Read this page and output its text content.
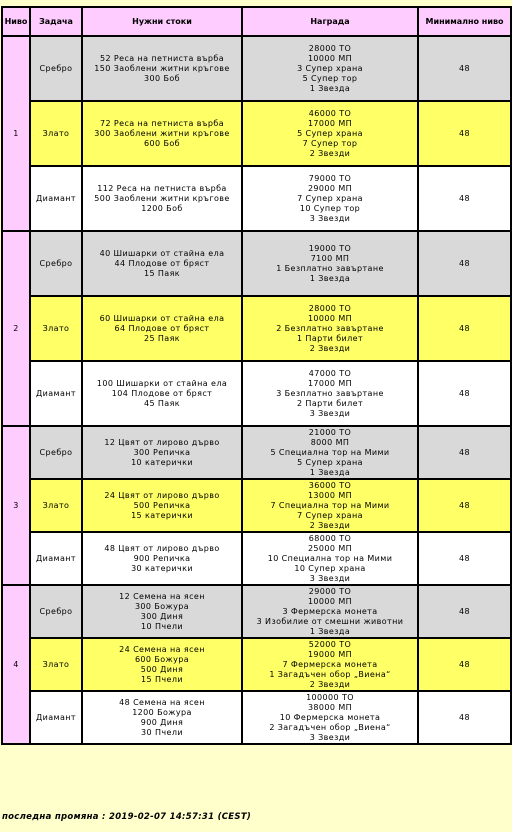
Ниво	Задача	Нужни стоки	Награда	Минимално ниво
1	Сребро	52 Реса на петниста върба
150 Заоблени житни кръгове
300 Боб	28000 ТО
10000 МП
3 Супер храна
5 Супер тор
1 Звезда	48
	Злато	72 Реса на петниста върба
300 Заоблени житни кръгове
600 Боб	46000 ТО
17000 МП
5 Супер храна
7 Супер тор
2 Звезди	48
	Диамант	112 Реса на петниста върба
500 Заоблени житни кръгове
1200 Боб	79000 ТО
29000 МП
7 Супер храна
10 Супер тор
3 Звезди	48
2	Сребро	40 Шишарки от стайна ела
44 Плодове от бряст
15 Паяк	19000 ТО
7100 МП
1 Безплатно завъртане
1 Звезда	48
	Злато	60 Шишарки от стайна ела
64 Плодове от бряст
25 Паяк	28000 ТО
10000 МП
2 Безплатно завъртане
1 Парти билет
2 Звезди	48
	Диамант	100 Шишарки от стайна ела
104 Плодове от бряст
45 Паяк	47000 ТО
17000 МП
3 Безплатно завъртане
2 Парти билет
3 Звезди	48
3	Сребро	12 Цвят от лирово дърво
300 Репичка
10 катерички	21000 ТО
8000 МП
5 Специална тор на Мими
5 Супер храна
1 Звезда	48
	Злато	24 Цвят от лирово дърво
500 Репичка
15 катерички	36000 ТО
13000 МП
7 Специална тор на Мими
7 Супер храна
2 Звезди	48
	Диамант	48 Цвят от лирово дърво
900 Репичка
30 катерички	68000 ТО
25000 МП
10 Специална тор на Мими
10 Супер храна
3 Звезди	48
4	Сребро	12 Семена на ясен
300 Божура
300 Диня
10 Пчели	29000 ТО
10000 МП
3 Фермерска монета
3 Изобилие от смешни животни
1 Звезда	48
	Злато	24 Семена на ясен
600 Божура
500 Диня
15 Пчели	52000 ТО
19000 МП
7 Фермерска монета
1 Загадъчен обор „Виена“
2 Звезди	48
	Диамант	48 Семена на ясен
1200 Божура
900 Диня
30 Пчели	100000 ТО
38000 МП
10 Фермерска монета
2 Загадъчен обор „Виена“
3 Звезди	48
последна промяна : 2019-02-07 14:57:31 (CEST)
